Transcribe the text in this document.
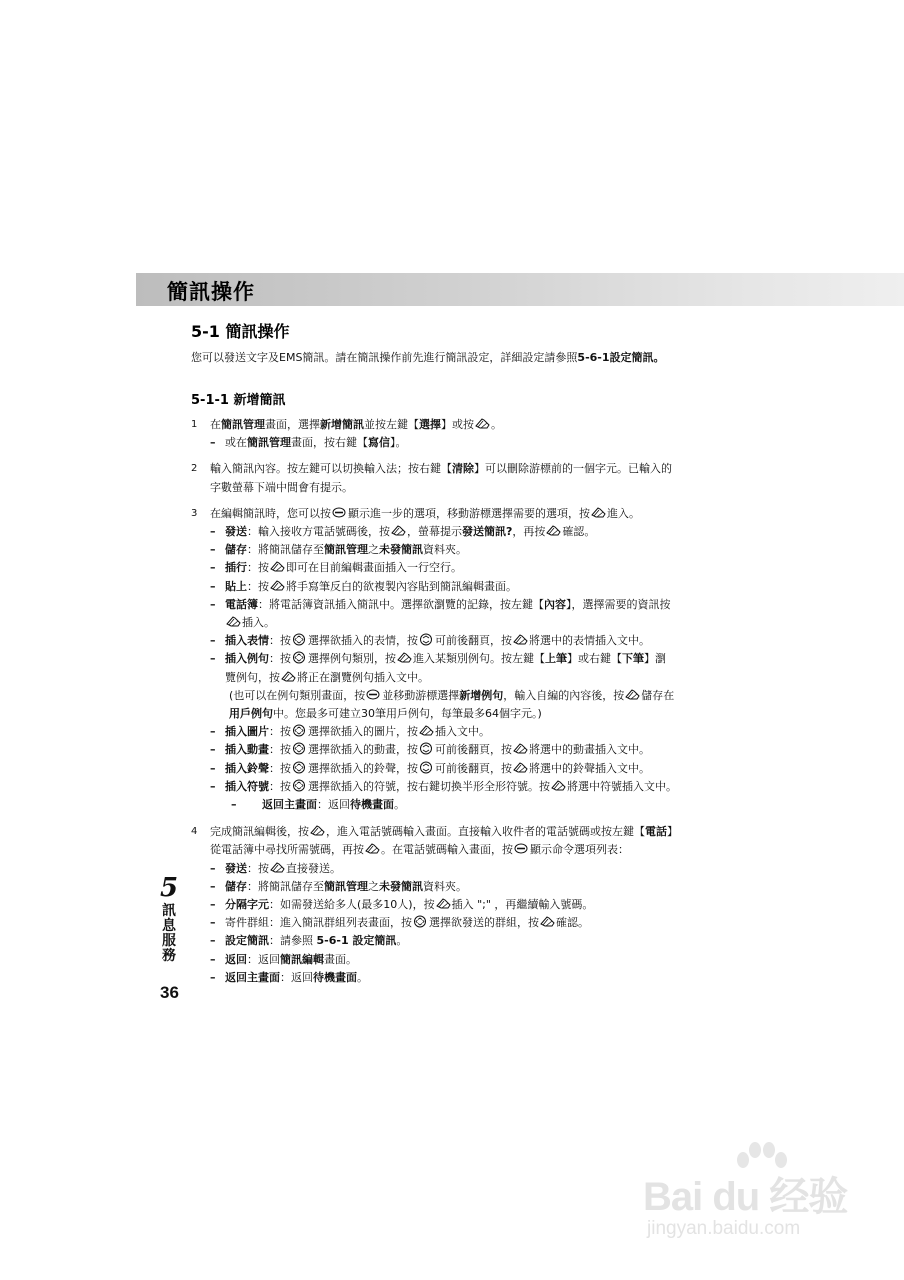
簡訊操作
5-1 簡訊操作
您可以發送文字及EMS簡訊。請在簡訊操作前先進行簡訊設定，詳細設定請參照5-6-1設定簡訊。
5-1-1 新增簡訊

1 在簡訊管理畫面，選擇新增簡訊並按左鍵【選擇】或按 。

– 或在簡訊管理畫面，按右鍵【寫信】。

2 輸入簡訊內容。按左鍵可以切換輸入法；按右鍵【清除】可以刪除游標前的一個字元。已輸入的

字數螢幕下端中間會有提示。

3 在編輯簡訊時，您可以按 顯示進一步的選項，移動游標選擇需要的選項，按 進入。

– 發送：輸入接收方電話號碼後，按 ，螢幕提示發送簡訊?，再按 確認。

– 儲存：將簡訊儲存至簡訊管理之未發簡訊資料夾。

– 插行：按 即可在目前編輯畫面插入一行空行。

– 貼上：按 將手寫筆反白的欲複製內容貼到簡訊編輯畫面。

– 電話簿：將電話簿資訊插入簡訊中。選擇欲瀏覽的記錄，按左鍵【內容】，選擇需要的資訊按

插入。

– 插入表情：按 選擇欲插入的表情，按 可前後翻頁，按 將選中的表情插入文中。

– 插入例句：按 選擇例句類別，按 進入某類別例句。按左鍵【上筆】或右鍵【下筆】瀏

覽例句，按 將正在瀏覽例句插入文中。

(也可以在例句類別畫面，按 並移動游標選擇新增例句，輸入自編的內容後，按 儲存在

用戶例句中。您最多可建立30筆用戶例句，每筆最多64個字元。)

– 插入圖片：按 選擇欲插入的圖片，按 插入文中。

– 插入動畫：按 選擇欲插入的動畫，按 可前後翻頁，按 將選中的動畫插入文中。

– 插入鈴聲：按 選擇欲插入的鈴聲，按 可前後翻頁，按 將選中的鈴聲插入文中。

– 插入符號：按 選擇欲插入的符號，按右鍵切換半形全形符號。按 將選中符號插入文中。

– 返回主畫面：返回待機畫面。

4 完成簡訊編輯後，按 ，進入電話號碼輸入畫面。直接輸入收件者的電話號碼或按左鍵【電話】

從電話簿中尋找所需號碼，再按 。在電話號碼輸入畫面，按 顯示命令選項列表：

– 發送：按 直接發送。

– 儲存：將簡訊儲存至簡訊管理之未發簡訊資料夾。

– 分隔字元：如需發送給多人(最多10人)，按 插入 ";" ，再繼續輸入號碼。

– 寄件群組：進入簡訊群組列表畫面，按 選擇欲發送的群組，按 確認。

– 設定簡訊：請參照 5-6-1 設定簡訊。

– 返回：返回簡訊編輯畫面。

– 返回主畫面：返回待機畫面。

5
訊
息
服
務
36
Bai du 经验
jingyan.baidu.com
